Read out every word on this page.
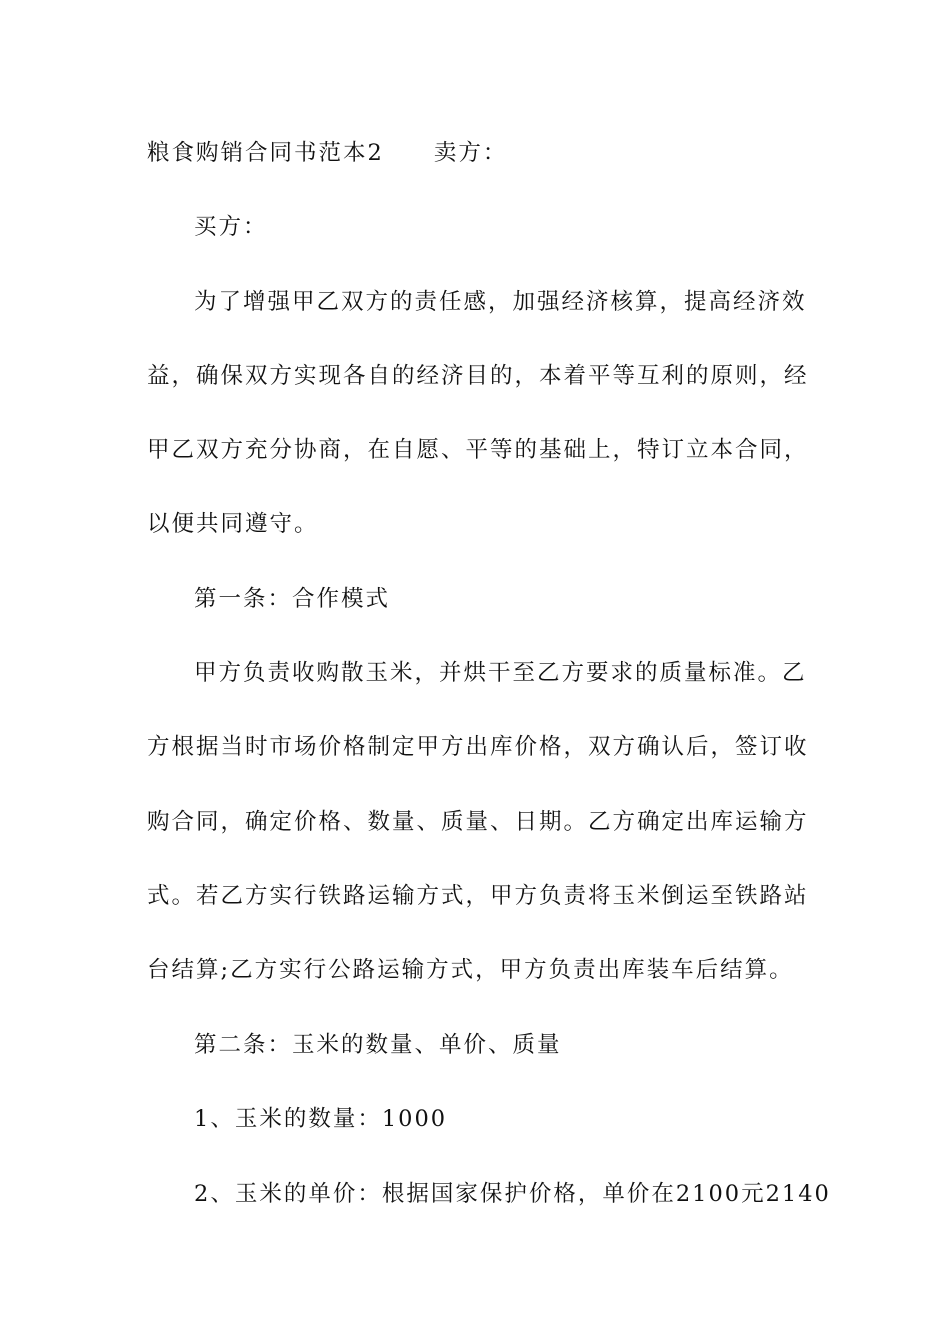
粮食购销合同书范本2 卖方：
买方：
为了增强甲乙双方的责任感，加强经济核算，提高经济效
益，确保双方实现各自的经济目的，本着平等互利的原则，经
甲乙双方充分协商，在自愿、平等的基础上，特订立本合同，
以便共同遵守。
第一条：合作模式
甲方负责收购散玉米，并烘干至乙方要求的质量标准。乙
方根据当时市场价格制定甲方出库价格，双方确认后，签订收
购合同，确定价格、数量、质量、日期。乙方确定出库运输方
式。若乙方实行铁路运输方式，甲方负责将玉米倒运至铁路站
台结算;乙方实行公路运输方式，甲方负责出库装车后结算。
第二条：玉米的数量、单价、质量
1、玉米的数量：1000
2、玉米的单价：根据国家保护价格，单价在2100元2140
